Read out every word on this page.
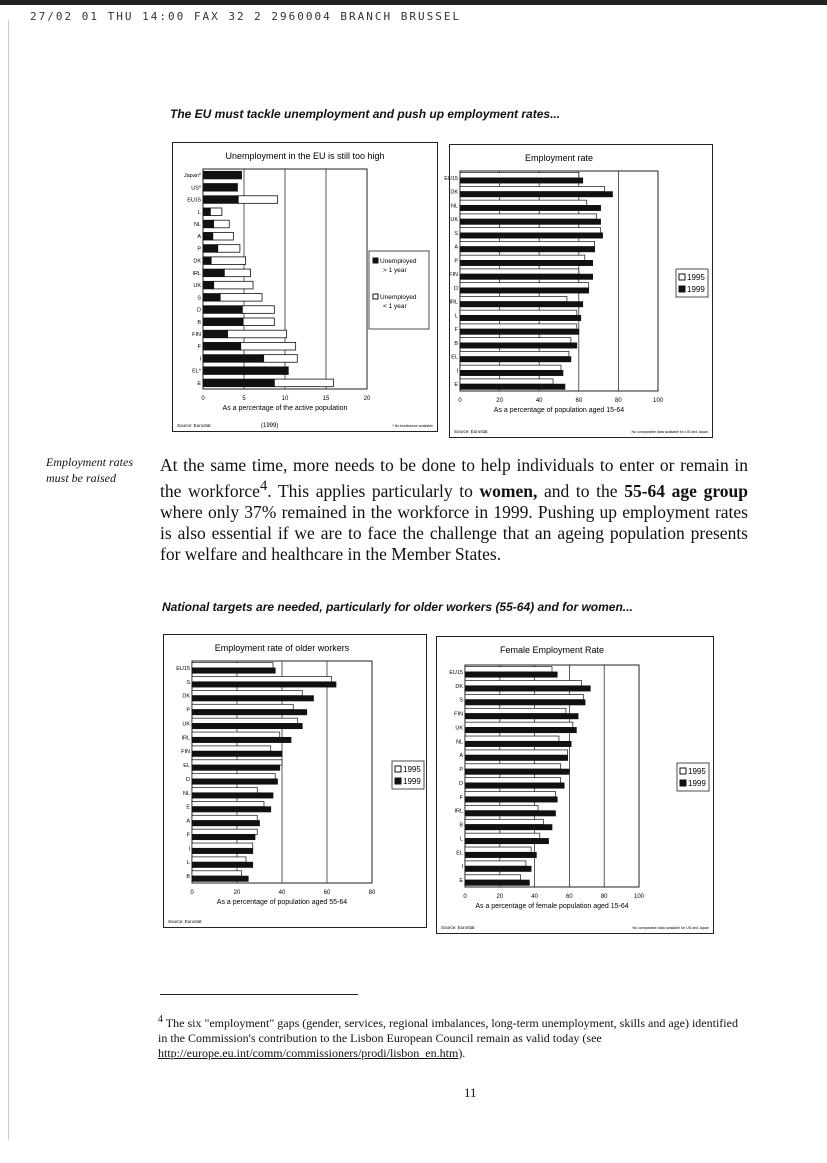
27/02 01 THU 14:00 FAX 32 2 2960004 BRANCH BRUSSEL
The EU must tackle unemployment and push up employment rates...
Unemployment in the EU is still too high
0	5	10	15	20
Japan*
US*
EU15
L
NL
A
P
DK
IRL
UK
S
D
B
FIN
F
I
EL*
E
Unemployed
> 1 year
Unemployed
< 1 year
As a percentage of the active population
Source: Eurostat	(1999)	* No breakdown available
Employment rate
0	20	40	60	80	100
EU15
DK
NL
UK
S
A
P
FIN
D
IRL
L
F
B
EL
I
E
1995
1999
As a percentage of population aged 15-64
Source: Eurostat	No comparable data available for US and Japan
Employment rates must be raised
At the same time, more needs to be done to help individuals to enter or remain in the workforce$^4$. This applies particularly to women, and to the 55-64 age group where only 37% remained in the workforce in 1999. Pushing up employment rates is also essential if we are to face the challenge that an ageing population presents for welfare and healthcare in the Member States.
National targets are needed, particularly for older workers (55-64) and for women...
Employment rate of older workers
0	20	40	60	80
EU15
S
DK
P
UK
IRL
FIN
EL
D
NL
E
A
F
I
L
B
1995
1999
As a percentage of population aged 55-64
Source: Eurostat
Female Employment Rate
0	20	40	60	80	100
EU15
DK
S
FIN
UK
NL
A
P
D
F
IRL
B
L
EL
I
E
1995
1999
As a percentage of female population aged 15-64
Source: Eurostat	No comparable data available for US and Japan
$^4$ The six "employment" gaps (gender, services, regional imbalances, long-term unemployment, skills and age) identified in the Commission's contribution to the Lisbon European Council remain as valid today (see http://europe.eu.int/comm/commissioners/prodi/lisbon_en.htm).
11
